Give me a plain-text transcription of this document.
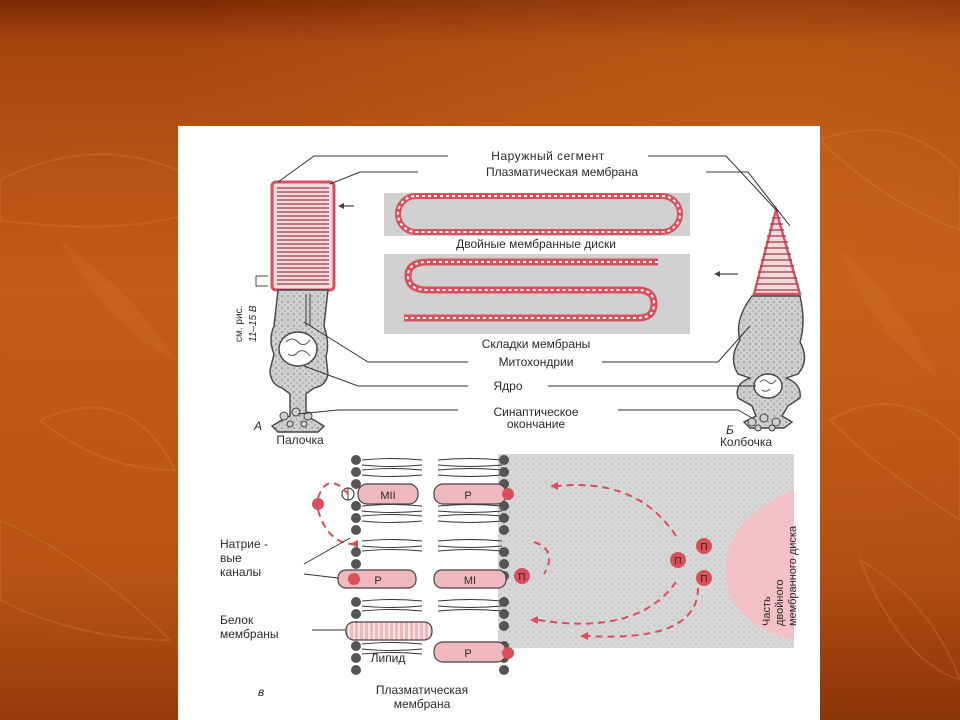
Наружный сегмент
Плазматическая мембрана
Двойные мембранные диски
Складки мембраны
Митохондрии
Ядро
Синаптическое
окончание
А	Б
Палочка	Колбочка
см. рис. 11–15 В
MII	Р
Р	MI
Р
П
П
П
П
Натрие -
вые
каналы
Белок
мембраны
Липид
в	Плазматическая
мембрана
Часть двойного мембранного диска
